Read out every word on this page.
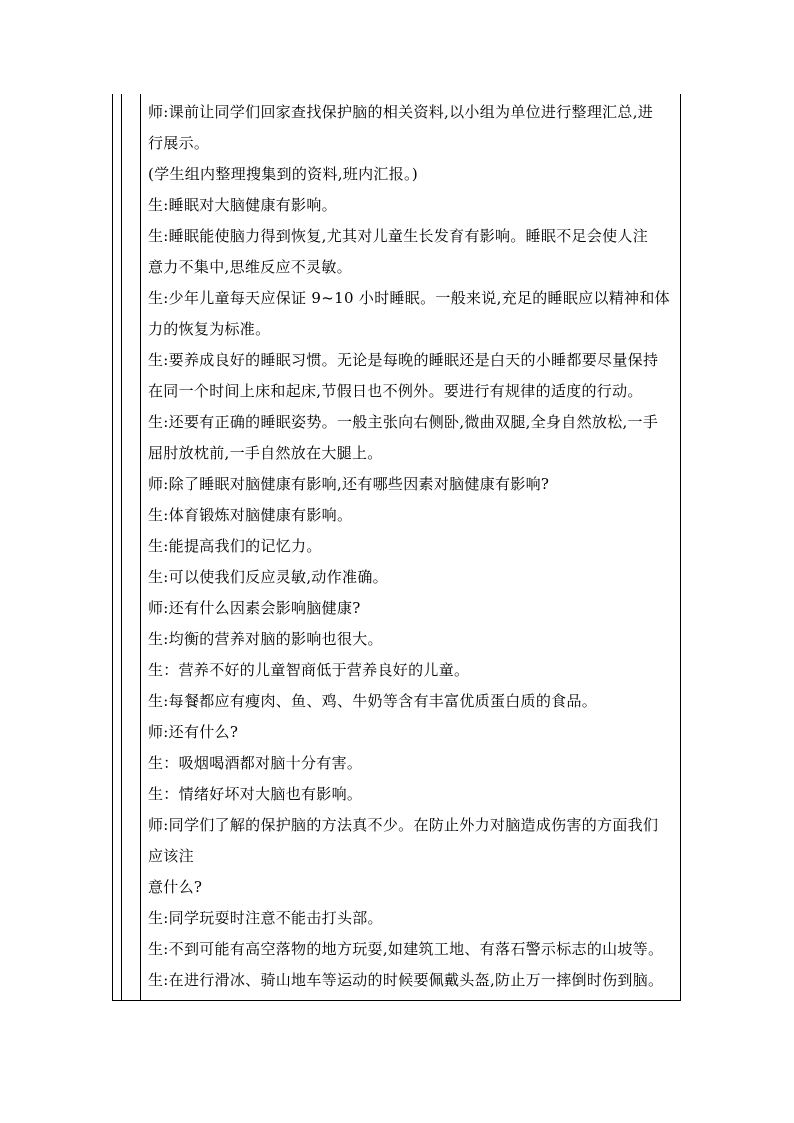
师:课前让同学们回家查找保护脑的相关资料,以小组为单位进行整理汇总,进
行展示。
(学生组内整理搜集到的资料,班内汇报。)
生:睡眠对大脑健康有影响。
生:睡眠能使脑力得到恢复,尤其对儿童生长发育有影响。睡眠不足会使人注
意力不集中,思维反应不灵敏。
生:少年儿童每天应保证 9~10 小时睡眠。一般来说,充足的睡眠应以精神和体
力的恢复为标准。
生:要养成良好的睡眠习惯。无论是每晚的睡眠还是白天的小睡都要尽量保持
在同一个时间上床和起床,节假日也不例外。要进行有规律的适度的行动。
生:还要有正确的睡眠姿势。一般主张向右侧卧,微曲双腿,全身自然放松,一手
屈肘放枕前,一手自然放在大腿上。
师:除了睡眠对脑健康有影响,还有哪些因素对脑健康有影响?
生:体育锻炼对脑健康有影响。
生:能提高我们的记忆力。
生:可以使我们反应灵敏,动作准确。
师:还有什么因素会影响脑健康?
生:均衡的营养对脑的影响也很大。
生：营养不好的儿童智商低于营养良好的儿童。
生:每餐都应有瘦肉、鱼、鸡、牛奶等含有丰富优质蛋白质的食品。
师:还有什么?
生：吸烟喝酒都对脑十分有害。
生：情绪好坏对大脑也有影响。
师:同学们了解的保护脑的方法真不少。在防止外力对脑造成伤害的方面我们
应该注
意什么?
生:同学玩耍时注意不能击打头部。
生:不到可能有高空落物的地方玩耍,如建筑工地、有落石警示标志的山坡等。
生:在进行滑冰、骑山地车等运动的时候要佩戴头盔,防止万一摔倒时伤到脑。
